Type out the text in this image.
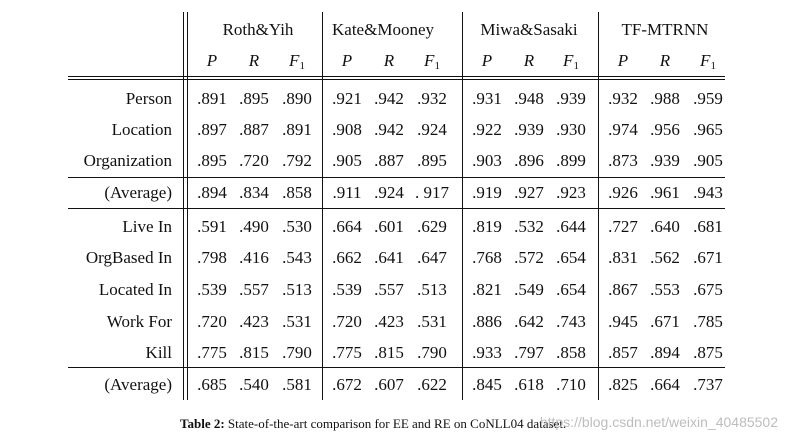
Roth&Yih Kate&Mooney	Miwa&Sasaki	TF-MTRNN
P R $F_1$ P R $F_1$ P R $F_1$ P R $F_1$
Person .891 .895 .890 .921 .942 .932 .931 .948 .939 .932 .988 .959
Location .897 .887 .891 .908 .942 .924 .922 .939 .930 .974 .956 .965
Organization .895 .720 .792 .905 .887 .895 .903 .896 .899 .873 .939 .905
(Average) .894 .834 .858 .911 .924 . 917 .919 .927 .923 .926 .961 .943
Live In .591 .490 .530 .664 .601 .629 .819 .532 .644 .727 .640 .681
OrgBased In .798 .416 .543 .662 .641 .647 .768 .572 .654 .831 .562 .671
Located In .539 .557 .513 .539 .557 .513 .821 .549 .654 .867 .553 .675
Work For .720 .423 .531 .720 .423 .531 .886 .642 .743 .945 .671 .785
Kill .775 .815 .790 .775 .815 .790 .933 .797 .858 .857 .894 .875
(Average) .685 .540 .581 .672 .607 .622 .845 .618 .710 .825 .664 .737
Table 2: State-of-the-art comparison for EE and RE on CoNLL04 dataset.
https://blog.csdn.net/weixin_40485502
